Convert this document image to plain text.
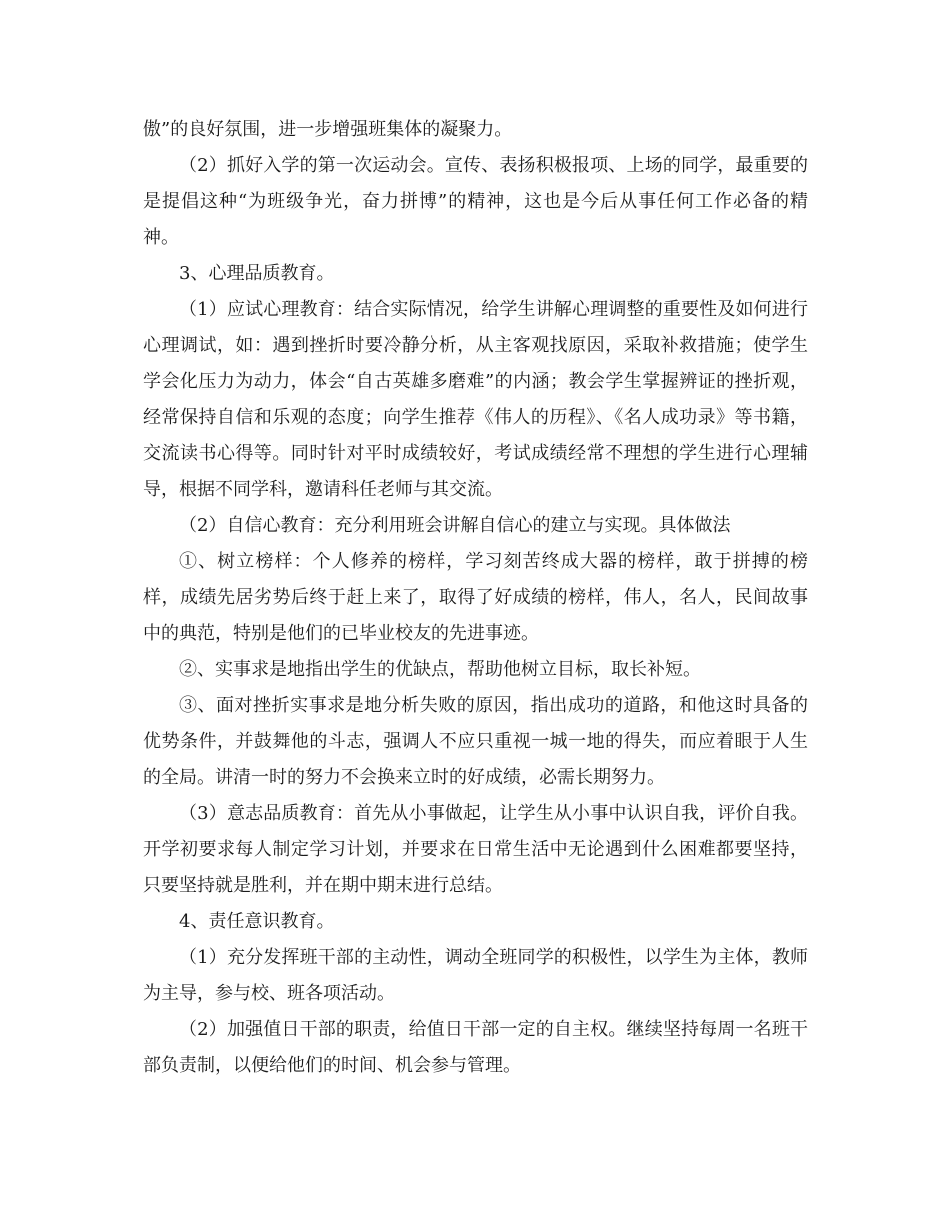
傲”的良好氛围，进一步增强班集体的凝聚力。

（2）抓好入学的第一次运动会。宣传、表扬积极报项、上场的同学，最重要的是提倡这种“为班级争光，奋力拼博”的精神，这也是今后从事任何工作必备的精神。

3、心理品质教育。

（1）应试心理教育：结合实际情况，给学生讲解心理调整的重要性及如何进行心理调试，如：遇到挫折时要冷静分析，从主客观找原因，采取补救措施；使学生学会化压力为动力，体会“自古英雄多磨难”的内涵；教会学生掌握辨证的挫折观，经常保持自信和乐观的态度；向学生推荐《伟人的历程》、《名人成功录》等书籍，交流读书心得等。同时针对平时成绩较好，考试成绩经常不理想的学生进行心理辅导，根据不同学科，邀请科任老师与其交流。

（2）自信心教育：充分利用班会讲解自信心的建立与实现。具体做法

①、树立榜样：个人修养的榜样，学习刻苦终成大器的榜样，敢于拼搏的榜样，成绩先居劣势后终于赶上来了，取得了好成绩的榜样，伟人，名人，民间故事中的典范，特别是他们的已毕业校友的先进事迹。

②、实事求是地指出学生的优缺点，帮助他树立目标，取长补短。

③、面对挫折实事求是地分析失败的原因，指出成功的道路，和他这时具备的优势条件，并鼓舞他的斗志，强调人不应只重视一城一地的得失，而应着眼于人生的全局。讲清一时的努力不会换来立时的好成绩，必需长期努力。

（3）意志品质教育：首先从小事做起，让学生从小事中认识自我，评价自我。开学初要求每人制定学习计划，并要求在日常生活中无论遇到什么困难都要坚持，只要坚持就是胜利，并在期中期末进行总结。

4、责任意识教育。

（1）充分发挥班干部的主动性，调动全班同学的积极性，以学生为主体，教师为主导，参与校、班各项活动。

（2）加强值日干部的职责，给值日干部一定的自主权。继续坚持每周一名班干部负责制，以便给他们的时间、机会参与管理。
